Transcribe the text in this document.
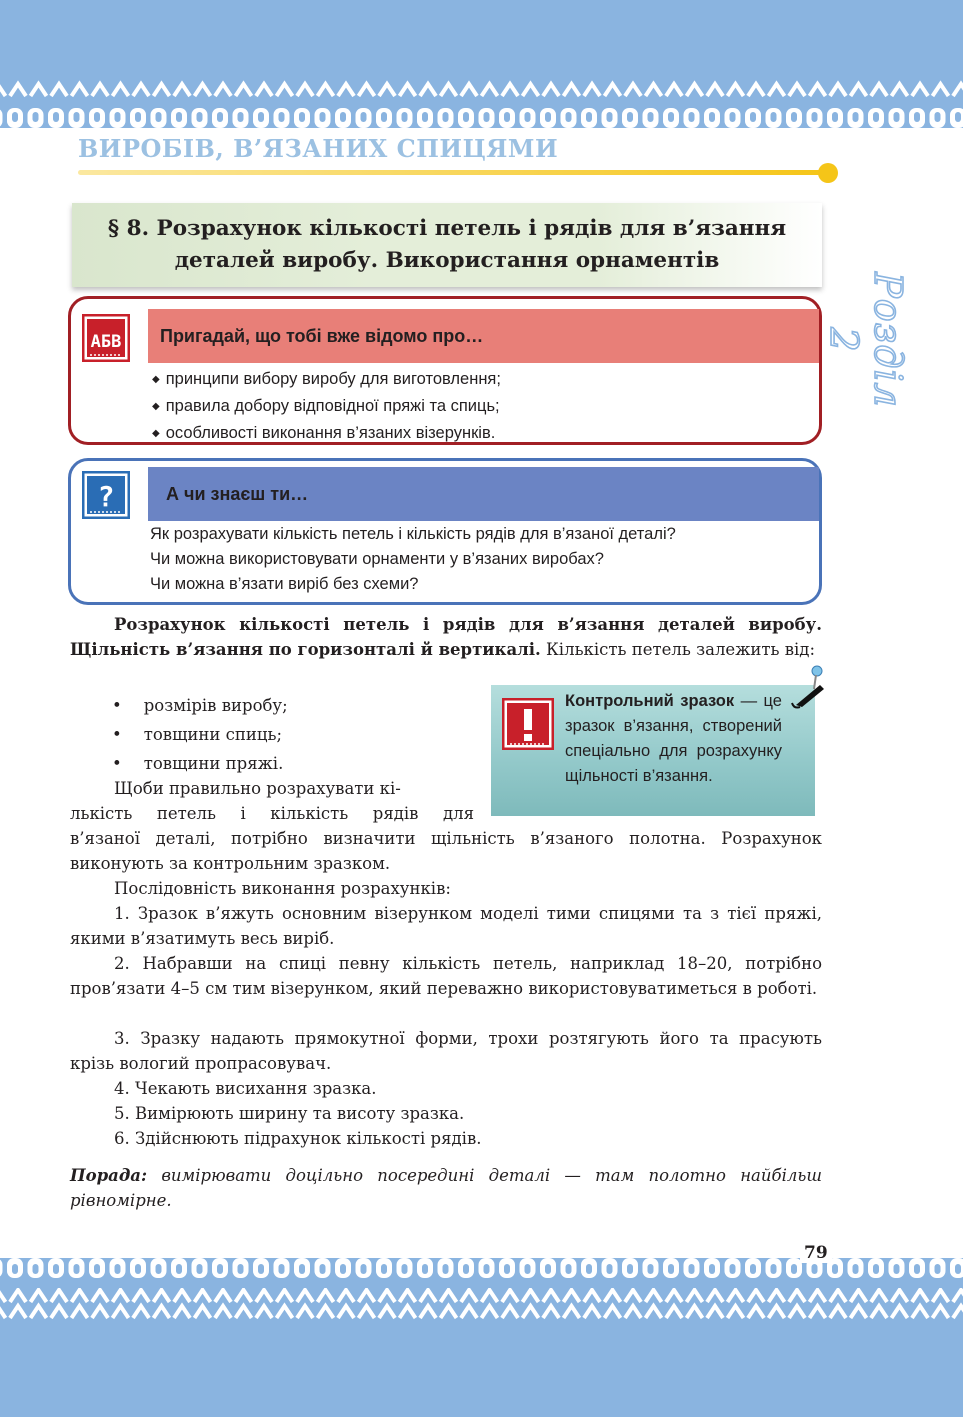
ВИРОБІВ, В’ЯЗАНИХ СПИЦЯМИ
§ 8. Розрахунок кількості петель і рядів для в’язання
деталей виробу. Використання орнаментів
Розділ 2
Пригадай, що тобі вже відомо про…
АБВ
◆ принципи вибору виробу для виготовлення;
◆ правила добору відповідної пряжі та спиць;
◆ особливості виконання в’язаних візерунків.
А чи знаєш ти…
?
Як розрахувати кількість петель і кількість рядів для в’язаної деталі?
Чи можна використовувати орнаменти у в’язаних виробах?
Чи можна в’язати виріб без схеми?
Розрахунок кількості петель і рядів для в’язання деталей виробу. Щільність в’язання по горизонталі й вертикалі. Кількість петель залежить від:
• розмірів виробу;
• товщини спиць;
• товщини пряжі.
Щоби правильно розрахувати кі-
лькість петель і кількість рядів для
в’язаної деталі, потрібно визначити щільність в’язаного полотна. Розрахунок виконують за контрольним зразком.
Послідовність виконання розрахунків:
1. Зразок в’яжуть основним візерунком моделі тими спицями та з тієї пряжі, якими в’язатимуть весь виріб.
2. Набравши на спиці певну кількість петель, наприклад 18–20, потрібно пров’язати 4–5 см тим візерунком, який переважно використовуватиметься в роботі.
3. Зразку надають прямокутної форми, трохи розтягують його та прасують крізь вологий пропрасовувач.
4. Чекають висихання зразка.
5. Вимірюють ширину та висоту зразка.
6. Здійснюють підрахунок кількості рядів.
Порада: вимірювати доцільно посередині деталі — там полотно найбільш рівномірне.
Контрольний зразок — це зразок в’язання, створений спеціально для розрахунку щільності в’язання.
79
